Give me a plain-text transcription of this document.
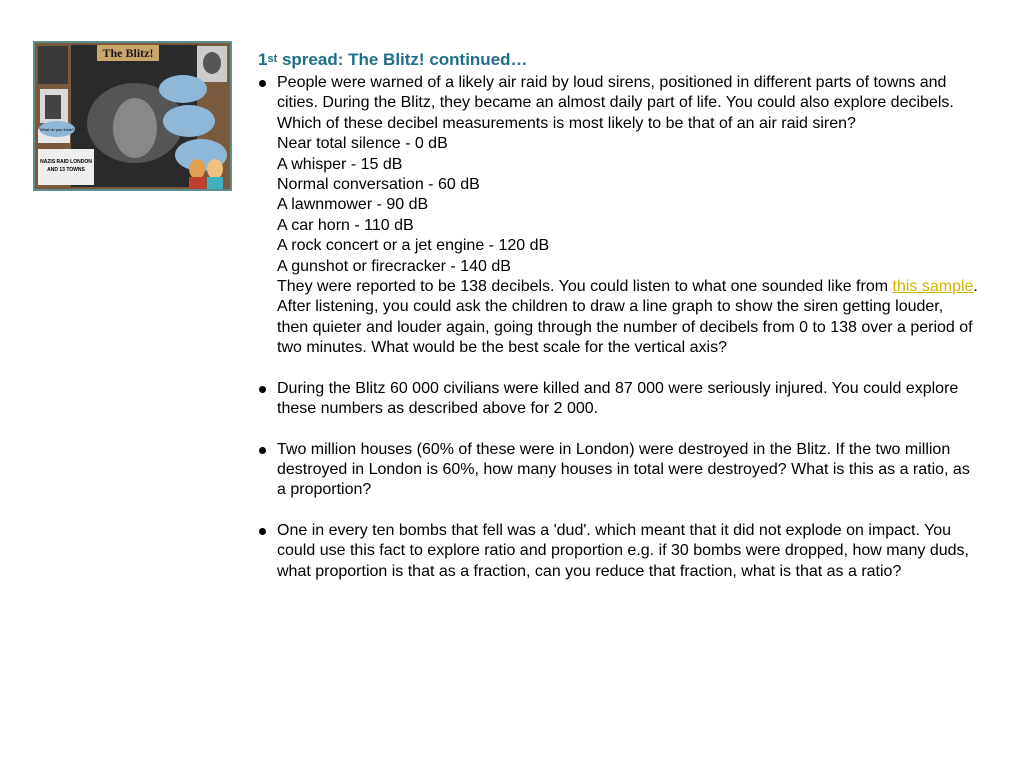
The Blitz!
What do you think?
NAZIS RAID LONDON
AND 13 TOWNS
1st spread: The Blitz! continued…
People were warned of a likely air raid by loud sirens, positioned in different parts of towns and cities. During the Blitz, they became an almost daily part of life. You could also explore decibels. Which of these decibel measurements is most likely to be that of an air raid siren?
Near total silence - 0 dB
A whisper - 15 dB
Normal conversation - 60 dB
A lawnmower - 90 dB
A car horn - 110 dB
A rock concert or a jet engine - 120 dB
A gunshot or firecracker - 140 dB
They were reported to be 138 decibels. You could listen to what one sounded like from this sample. After listening, you could ask the children to draw a line graph to show the siren getting louder, then quieter and louder again, going through the number of decibels from 0 to 138 over a period of two minutes. What would be the best scale for the vertical axis?
During the Blitz 60 000 civilians were killed and 87 000 were seriously injured. You could explore these numbers as described above for 2 000.
Two million houses (60% of these were in London) were destroyed in the Blitz. If the two million destroyed in London is 60%, how many houses in total were destroyed? What is this as a ratio, as a proportion?
One in every ten bombs that fell was a 'dud'. which meant that it did not explode on impact. You could use this fact to explore ratio and proportion e.g. if 30 bombs were dropped, how many duds, what proportion is that as a fraction, can you reduce that fraction, what is that as a ratio?
